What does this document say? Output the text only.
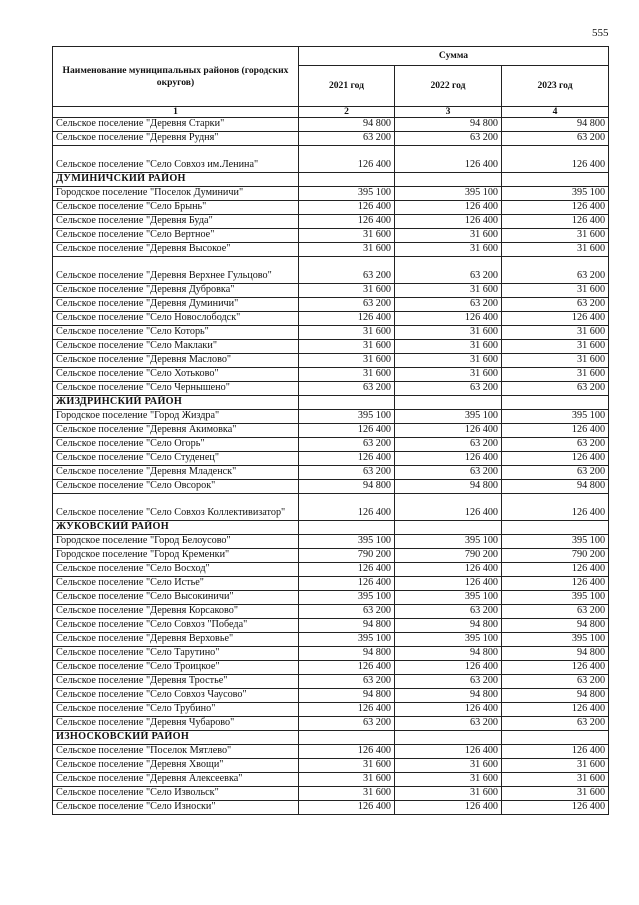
555
Наименование муниципальных районов (городских округов)	Сумма		
	2021 год	2022 год	2023 год
1	2	3	4
Сельское поселение "Деревня Старки"	94 800	94 800	94 800
Сельское поселение "Деревня Рудня"	63 200	63 200	63 200
Сельское поселение "Село Совхоз им.Ленина"	126 400	126 400	126 400
ДУМИНИЧСКИЙ РАЙОН			
Городское поселение "Поселок Думиничи"	395 100	395 100	395 100
Сельское поселение "Село Брынь"	126 400	126 400	126 400
Сельское поселение "Деревня Буда"	126 400	126 400	126 400
Сельское поселение "Село Вертное"	31 600	31 600	31 600
Сельское поселение "Деревня Высокое"	31 600	31 600	31 600
Сельское поселение "Деревня Верхнее Гульцово"	63 200	63 200	63 200
Сельское поселение "Деревня Дубровка"	31 600	31 600	31 600
Сельское поселение "Деревня Думиничи"	63 200	63 200	63 200
Сельское поселение "Село Новослободск"	126 400	126 400	126 400
Сельское поселение "Село Которь"	31 600	31 600	31 600
Сельское поселение "Село Маклаки"	31 600	31 600	31 600
Сельское поселение "Деревня Маслово"	31 600	31 600	31 600
Сельское поселение "Село Хотьково"	31 600	31 600	31 600
Сельское поселение "Село Чернышено"	63 200	63 200	63 200
ЖИЗДРИНСКИЙ РАЙОН			
Городское поселение "Город Жиздра"	395 100	395 100	395 100
Сельское поселение "Деревня Акимовка"	126 400	126 400	126 400
Сельское поселение "Село Огорь"	63 200	63 200	63 200
Сельское поселение "Село Студенец"	126 400	126 400	126 400
Сельское поселение "Деревня Младенск"	63 200	63 200	63 200
Сельское поселение "Село Овсорок"	94 800	94 800	94 800
Сельское поселение "Село Совхоз Коллективизатор"	126 400	126 400	126 400
ЖУКОВСКИЙ РАЙОН			
Городское поселение "Город Белоусово"	395 100	395 100	395 100
Городское поселение "Город Кременки"	790 200	790 200	790 200
Сельское поселение "Село Восход"	126 400	126 400	126 400
Сельское поселение "Село Истье"	126 400	126 400	126 400
Сельское поселение "Село Высокиничи"	395 100	395 100	395 100
Сельское поселение "Деревня Корсаково"	63 200	63 200	63 200
Сельское поселение "Село Совхоз "Победа"	94 800	94 800	94 800
Сельское поселение "Деревня Верховье"	395 100	395 100	395 100
Сельское поселение "Село Тарутино"	94 800	94 800	94 800
Сельское поселение "Село Троицкое"	126 400	126 400	126 400
Сельское поселение "Деревня Тростье"	63 200	63 200	63 200
Сельское поселение "Село Совхоз Чаусово"	94 800	94 800	94 800
Сельское поселение "Село Трубино"	126 400	126 400	126 400
Сельское поселение "Деревня Чубарово"	63 200	63 200	63 200
ИЗНОСКОВСКИЙ РАЙОН			
Сельское поселение "Поселок Мятлево"	126 400	126 400	126 400
Сельское поселение "Деревня Хвощи"	31 600	31 600	31 600
Сельское поселение "Деревня Алексеевка"	31 600	31 600	31 600
Сельское поселение "Село Извольск"	31 600	31 600	31 600
Сельское поселение "Село Износки"	126 400	126 400	126 400
